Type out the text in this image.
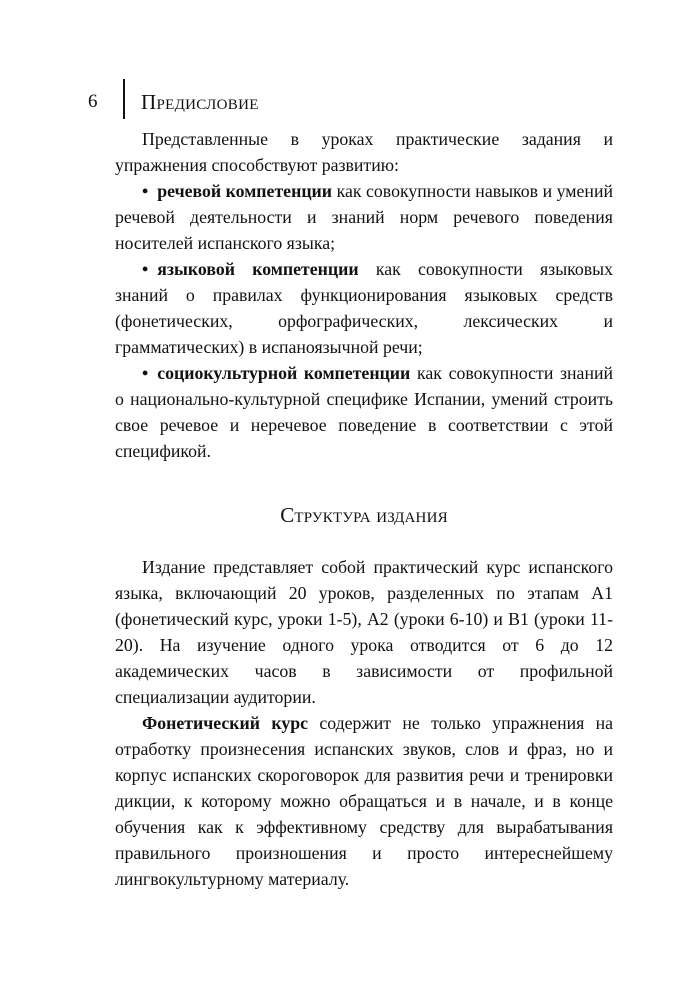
6 Предисловие

Представленные в уроках практические задания и упражнения способствуют развитию:

• речевой компетенции как совокупности навыков и умений речевой деятельности и знаний норм речевого поведения носителей испанского языка;

• языковой компетенции как совокупности языковых знаний о правилах функционирования языковых средств (фонетических, орфографических, лексических и грамматических) в испаноязычной речи;

• социокультурной компетенции как совокупности знаний о национально-культурной специфике Испании, умений строить свое речевое и неречевое поведение в соответствии с этой спецификой.

Структура издания

Издание представляет собой практический курс испанского языка, включающий 20 уроков, разделенных по этапам А1 (фонетический курс, уроки 1-5), А2 (уроки 6-10) и В1 (уроки 11-20). На изучение одного урока отводится от 6 до 12 академических часов в зависимости от профильной специализации аудитории.

Фонетический курс содержит не только упражнения на отработку произнесения испанских звуков, слов и фраз, но и корпус испанских скороговорок для развития речи и тренировки дикции, к которому можно обращаться и в начале, и в конце обучения как к эффективному средству для вырабатывания правильного произношения и просто интереснейшему лингвокультурному материалу.
